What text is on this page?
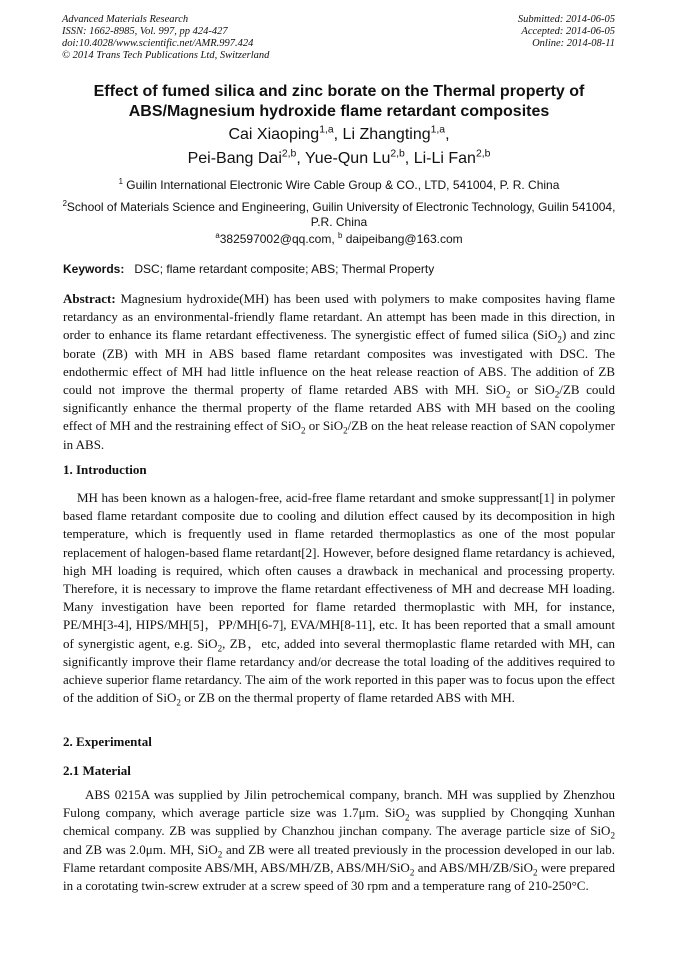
Advanced Materials Research
ISSN: 1662-8985, Vol. 997, pp 424-427
doi:10.4028/www.scientific.net/AMR.997.424
© 2014 Trans Tech Publications Ltd, Switzerland
Submitted: 2014-06-05
Accepted: 2014-06-05
Online: 2014-08-11
Effect of fumed silica and zinc borate on the Thermal property of
ABS/Magnesium hydroxide flame retardant composites
Cai Xiaoping$^{1,a}$, Li Zhangting$^{1,a}$,
Pei-Bang Dai$^{2,b}$, Yue-Qun Lu$^{2,b}$, Li-Li Fan$^{2,b}$
$^1$ Guilin International Electronic Wire Cable Group & CO., LTD, 541004, P. R. China
$^2$School of Materials Science and Engineering, Guilin University of Electronic Technology, Guilin 541004, P.R. China
$^a$382597002@qq.com, $^b$ daipeibang@163.com
Keywords: DSC; flame retardant composite; ABS; Thermal Property
Abstract: Magnesium hydroxide(MH) has been used with polymers to make composites having flame retardancy as an environmental-friendly flame retardant. An attempt has been made in this direction, in order to enhance its flame retardant effectiveness. The synergistic effect of fumed silica (SiO$_2$) and zinc borate (ZB) with MH in ABS based flame retardant composites was investigated with DSC. The endothermic effect of MH had little influence on the heat release reaction of ABS. The addition of ZB could not improve the thermal property of flame retarded ABS with MH. SiO$_2$ or SiO$_2$/ZB could significantly enhance the thermal property of the flame retarded ABS with MH based on the cooling effect of MH and the restraining effect of SiO$_2$ or SiO$_2$/ZB on the heat release reaction of SAN copolymer in ABS.
1. Introduction
MH has been known as a halogen-free, acid-free flame retardant and smoke suppressant[1] in polymer based flame retardant composite due to cooling and dilution effect caused by its decomposition in high temperature, which is frequently used in flame retarded thermoplastics as one of the most popular replacement of halogen-based flame retardant[2]. However, before designed flame retardancy is achieved, high MH loading is required, which often causes a drawback in mechanical and processing property. Therefore, it is necessary to improve the flame retardant effectiveness of MH and decrease MH loading. Many investigation have been reported for flame retarded thermoplastic with MH, for instance, PE/MH[3-4], HIPS/MH[5]，PP/MH[6-7], EVA/MH[8-11], etc. It has been reported that a small amount of synergistic agent, e.g. SiO$_2$, ZB，etc, added into several thermoplastic flame retarded with MH, can significantly improve their flame retardancy and/or decrease the total loading of the additives required to achieve superior flame retardancy. The aim of the work reported in this paper was to focus upon the effect of the addition of SiO$_2$ or ZB on the thermal property of flame retarded ABS with MH.
2. Experimental
2.1 Material
ABS 0215A was supplied by Jilin petrochemical company, branch. MH was supplied by Zhenzhou Fulong company, which average particle size was 1.7μm. SiO$_2$ was supplied by Chongqing Xunhan chemical company. ZB was supplied by Chanzhou jinchan company. The average particle size of SiO$_2$ and ZB was 2.0μm. MH, SiO$_2$ and ZB were all treated previously in the procession developed in our lab. Flame retardant composite ABS/MH, ABS/MH/ZB, ABS/MH/SiO$_2$ and ABS/MH/ZB/SiO$_2$ were prepared in a corotating twin-screw extruder at a screw speed of 30 rpm and a temperature rang of 210-250°C.
